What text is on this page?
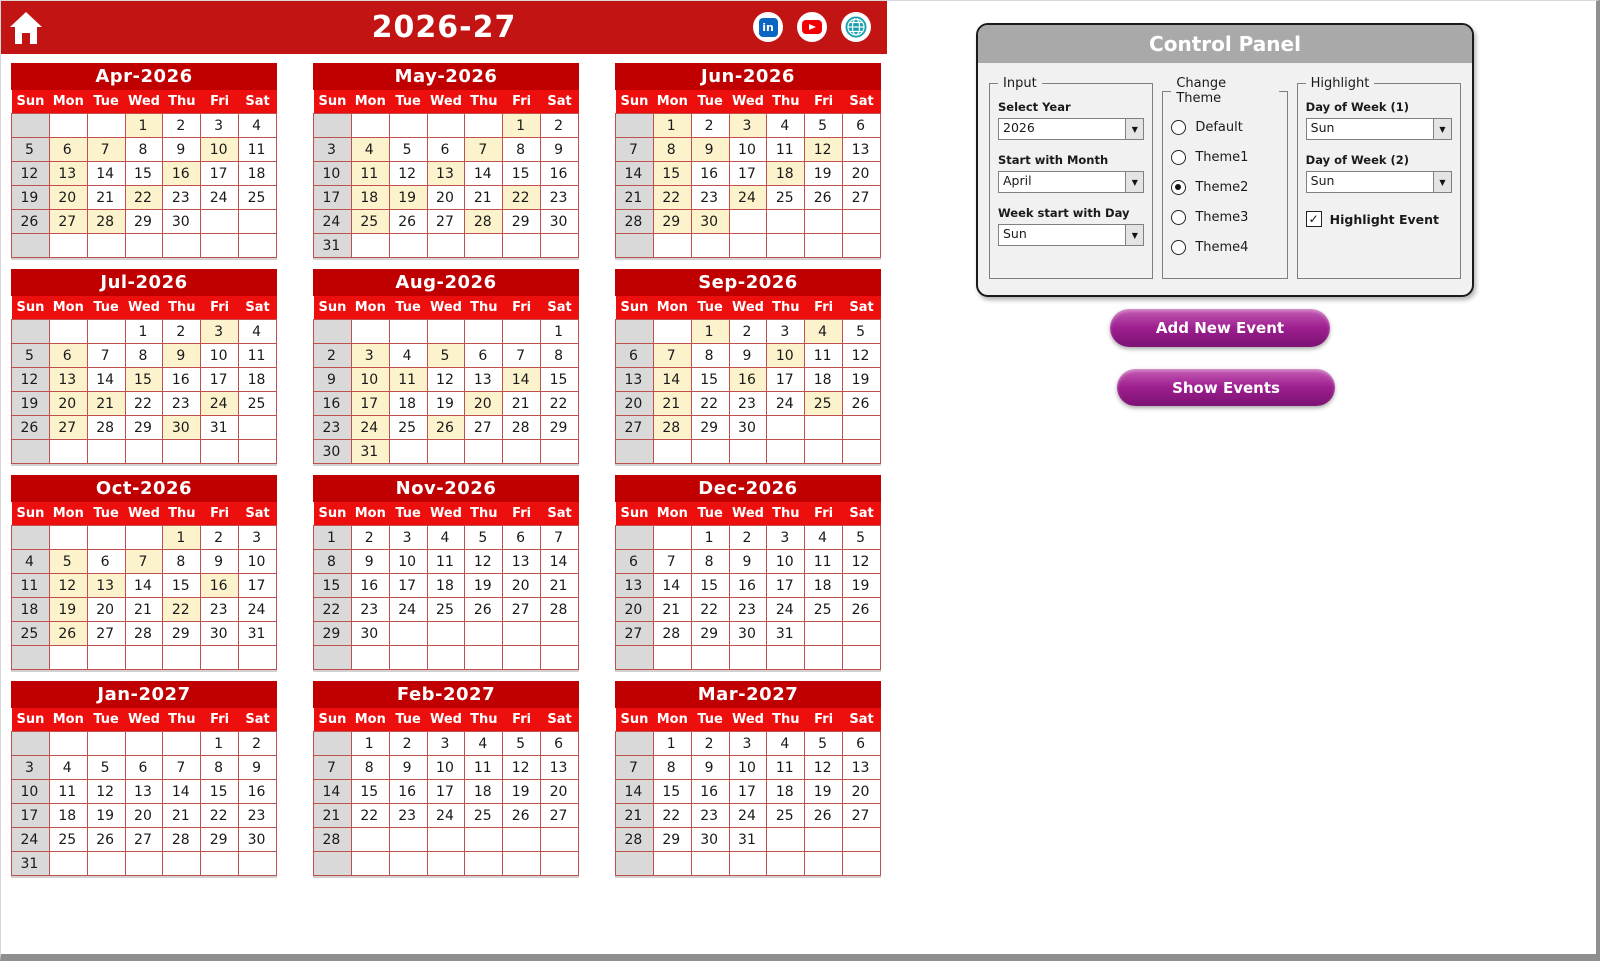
2026-27
in
Apr-2026
Sun	Mon	Tue	Wed	Thu	Fri	Sat
			1	2	3	4
5	6	7	8	9	10	11
12	13	14	15	16	17	18
19	20	21	22	23	24	25
26	27	28	29	30		

May-2026
Sun	Mon	Tue	Wed	Thu	Fri	Sat
					1	2
3	4	5	6	7	8	9
10	11	12	13	14	15	16
17	18	19	20	21	22	23
24	25	26	27	28	29	30
31						
Jun-2026
Sun	Mon	Tue	Wed	Thu	Fri	Sat
	1	2	3	4	5	6
7	8	9	10	11	12	13
14	15	16	17	18	19	20
21	22	23	24	25	26	27
28	29	30				

Jul-2026
Sun	Mon	Tue	Wed	Thu	Fri	Sat
			1	2	3	4
5	6	7	8	9	10	11
12	13	14	15	16	17	18
19	20	21	22	23	24	25
26	27	28	29	30	31	

Aug-2026
Sun	Mon	Tue	Wed	Thu	Fri	Sat
						1
2	3	4	5	6	7	8
9	10	11	12	13	14	15
16	17	18	19	20	21	22
23	24	25	26	27	28	29
30	31					
Sep-2026
Sun	Mon	Tue	Wed	Thu	Fri	Sat
		1	2	3	4	5
6	7	8	9	10	11	12
13	14	15	16	17	18	19
20	21	22	23	24	25	26
27	28	29	30			

Oct-2026
Sun	Mon	Tue	Wed	Thu	Fri	Sat
				1	2	3
4	5	6	7	8	9	10
11	12	13	14	15	16	17
18	19	20	21	22	23	24
25	26	27	28	29	30	31

Nov-2026
Sun	Mon	Tue	Wed	Thu	Fri	Sat
1	2	3	4	5	6	7
8	9	10	11	12	13	14
15	16	17	18	19	20	21
22	23	24	25	26	27	28
29	30					

Dec-2026
Sun	Mon	Tue	Wed	Thu	Fri	Sat
		1	2	3	4	5
6	7	8	9	10	11	12
13	14	15	16	17	18	19
20	21	22	23	24	25	26
27	28	29	30	31		

Jan-2027
Sun	Mon	Tue	Wed	Thu	Fri	Sat
					1	2
3	4	5	6	7	8	9
10	11	12	13	14	15	16
17	18	19	20	21	22	23
24	25	26	27	28	29	30
31						
Feb-2027
Sun	Mon	Tue	Wed	Thu	Fri	Sat
	1	2	3	4	5	6
7	8	9	10	11	12	13
14	15	16	17	18	19	20
21	22	23	24	25	26	27
28						

Mar-2027
Sun	Mon	Tue	Wed	Thu	Fri	Sat
	1	2	3	4	5	6
7	8	9	10	11	12	13
14	15	16	17	18	19	20
21	22	23	24	25	26	27
28	29	30	31			

Control Panel
Input
Select Year
2026
▼
Start with Month
April
▼
Week start with Day
Sun
▼
Change Theme
Default
Theme1
Theme2
Theme3
Theme4
Highlight
Day of Week (1)
Sun
▼
Day of Week (2)
Sun
▼
✓
Highlight Event
Add New Event
Show Events
